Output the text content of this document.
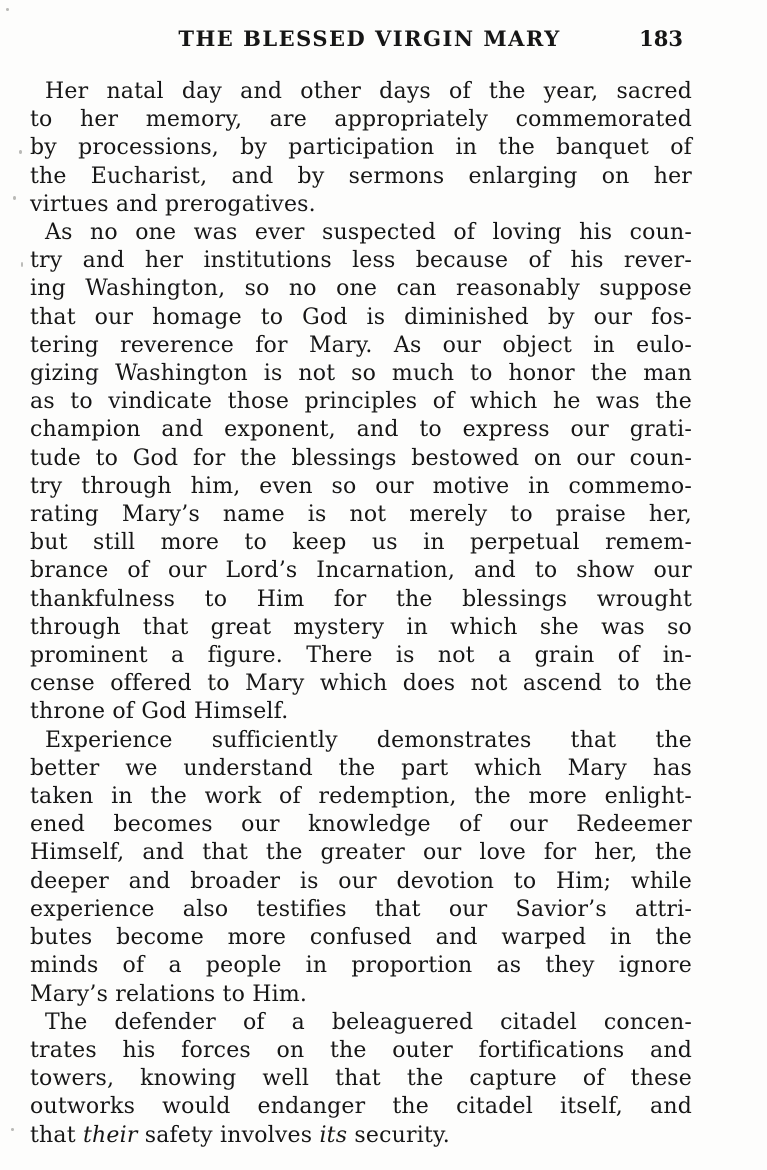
THE BLESSED VIRGIN MARY	183
Her natal day and other days of the year, sacred
to her memory, are appropriately commemorated
by processions, by participation in the banquet of
the Eucharist, and by sermons enlarging on her
virtues and prerogatives.
As no one was ever suspected of loving his coun-
try and her institutions less because of his rever-
ing Washington, so no one can reasonably suppose
that our homage to God is diminished by our fos-
tering reverence for Mary. As our object in eulo-
gizing Washington is not so much to honor the man
as to vindicate those principles of which he was the
champion and exponent, and to express our grati-
tude to God for the blessings bestowed on our coun-
try through him, even so our motive in commemo-
rating Mary’s name is not merely to praise her,
but still more to keep us in perpetual remem-
brance of our Lord’s Incarnation, and to show our
thankfulness to Him for the blessings wrought
through that great mystery in which she was so
prominent a figure. There is not a grain of in-
cense offered to Mary which does not ascend to the
throne of God Himself.
Experience sufficiently demonstrates that the
better we understand the part which Mary has
taken in the work of redemption, the more enlight-
ened becomes our knowledge of our Redeemer
Himself, and that the greater our love for her, the
deeper and broader is our devotion to Him; while
experience also testifies that our Savior’s attri-
butes become more confused and warped in the
minds of a people in proportion as they ignore
Mary’s relations to Him.
The defender of a beleaguered citadel concen-
trates his forces on the outer fortifications and
towers, knowing well that the capture of these
outworks would endanger the citadel itself, and
that their safety involves its security.
